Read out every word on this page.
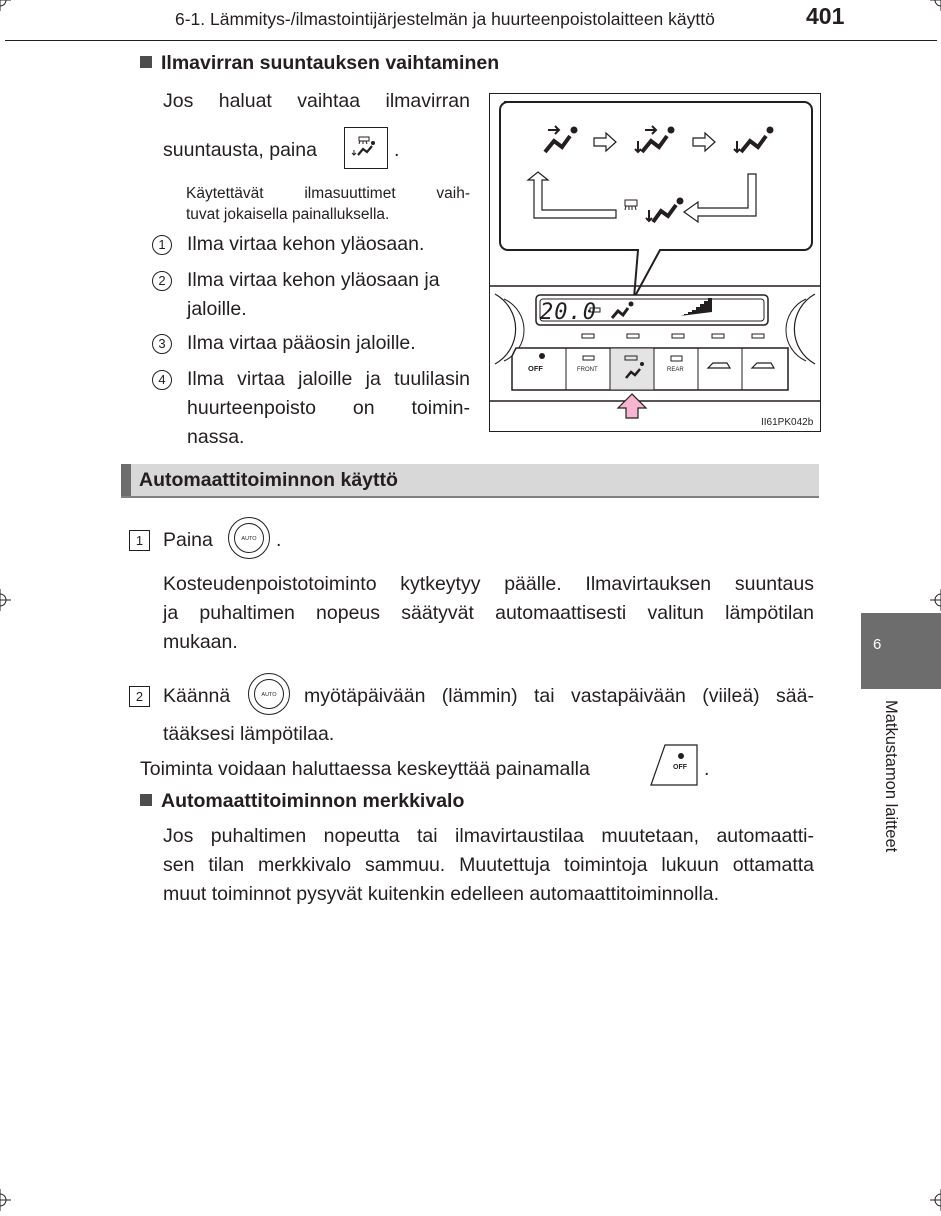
6-1. Lämmitys-/ilmastointijärjestelmän ja huurteenpoistolaitteen käyttö	401
Ilmavirran suuntauksen vaihtaminen
Jos haluat vaihtaa ilmavirran
suuntausta, paina	.
Käytettävät ilmasuuttimet vaih-
tuvat jokaisella painalluksella.
1	Ilma virtaa kehon yläosaan.
2	Ilma virtaa kehon yläosaan ja
jaloille.
3	Ilma virtaa pääosin jaloille.
4	Ilma virtaa jaloille ja tuulilasin
huurteenpoisto on toimin-
nassa.
20.0
OFF	FRONT	REAR
II61PK042b
Automaattitoiminnon käyttö
1	Paina	AUTO .
Kosteudenpoistotoiminto kytkeytyy päälle. Ilmavirtauksen suuntaus
ja puhaltimen nopeus säätyvät automaattisesti valitun lämpötilan
mukaan.
2	Käännä	AUTO	myötäpäivään (lämmin) tai vastapäivään (viileä) sää-
tääksesi lämpötilaa.
Toiminta voidaan haluttaessa keskeyttää painamalla	OFF .
Automaattitoiminnon merkkivalo
Jos puhaltimen nopeutta tai ilmavirtaustilaa muutetaan, automaatti-
sen tilan merkkivalo sammuu. Muutettuja toimintoja lukuun ottamatta
muut toiminnot pysyvät kuitenkin edelleen automaattitoiminnolla.
6
Matkustamon laitteet
